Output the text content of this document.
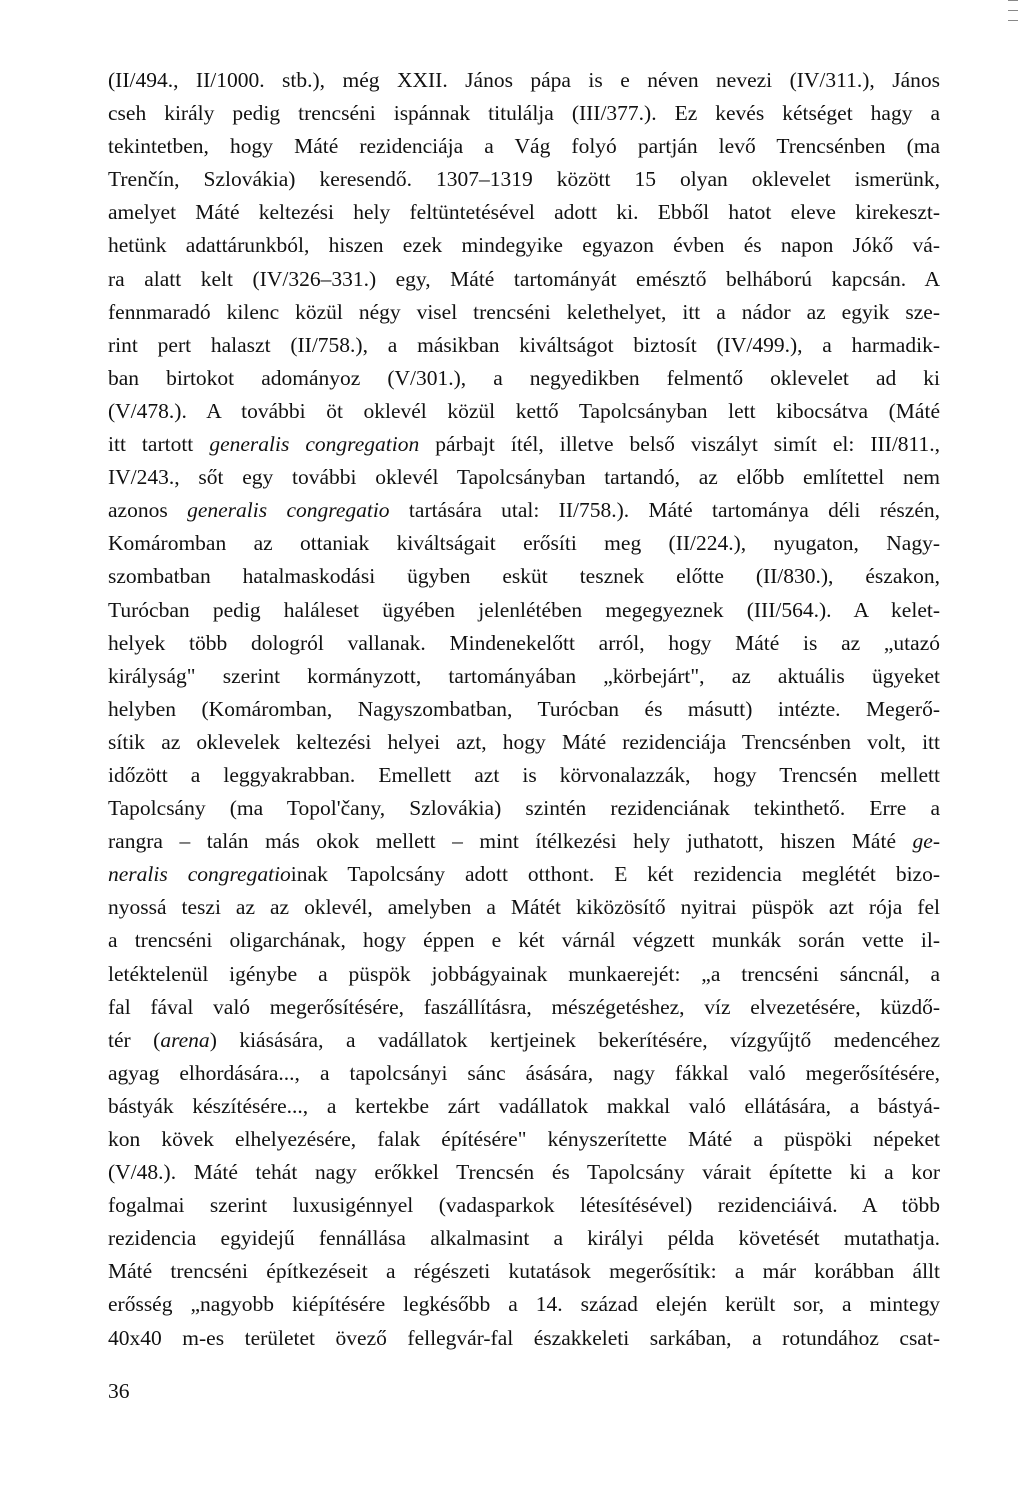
(II/494., II/1000. stb.), még XXII. János pápa is e néven nevezi (IV/311.), János
cseh király pedig trencséni ispánnak titulálja (III/377.). Ez kevés kétséget hagy a
tekintetben, hogy Máté rezidenciája a Vág folyó partján levő Trencsénben (ma
Trenčín, Szlovákia) keresendő. 1307–1319 között 15 olyan oklevelet ismerünk,
amelyet Máté keltezési hely feltüntetésével adott ki. Ebből hatot eleve kirekeszt-
hetünk adattárunkból, hiszen ezek mindegyike egyazon évben és napon Jókő vá-
ra alatt kelt (IV/326–331.) egy, Máté tartományát emésztő belháború kapcsán. A
fennmaradó kilenc közül négy visel trencséni kelethelyet, itt a nádor az egyik sze-
rint pert halaszt (II/758.), a másikban kiváltságot biztosít (IV/499.), a harmadik-
ban birtokot adományoz (V/301.), a negyedikben felmentő oklevelet ad ki
(V/478.). A további öt oklevél közül kettő Tapolcsányban lett kibocsátva (Máté
itt tartott generalis congregation párbajt ítél, illetve belső viszályt simít el: III/811.,
IV/243., sőt egy további oklevél Tapolcsányban tartandó, az előbb említettel nem
azonos generalis congregatio tartására utal: II/758.). Máté tartománya déli részén,
Komáromban az ottaniak kiváltságait erősíti meg (II/224.), nyugaton, Nagy-
szombatban hatalmaskodási ügyben esküt tesznek előtte (II/830.), északon,
Turócban pedig haláleset ügyében jelenlétében megegyeznek (III/564.). A kelet-
helyek több dologról vallanak. Mindenekelőtt arról, hogy Máté is az „utazó
királyság" szerint kormányzott, tartományában „körbejárt", az aktuális ügyeket
helyben (Komáromban, Nagyszombatban, Turócban és másutt) intézte. Megerő-
sítik az oklevelek keltezési helyei azt, hogy Máté rezidenciája Trencsénben volt, itt
időzött a leggyakrabban. Emellett azt is körvonalazzák, hogy Trencsén mellett
Tapolcsány (ma Topol'čany, Szlovákia) szintén rezidenciának tekinthető. Erre a
rangra – talán más okok mellett – mint ítélkezési hely juthatott, hiszen Máté ge-
neralis congregatioinak Tapolcsány adott otthont. E két rezidencia meglétét bizo-
nyossá teszi az az oklevél, amelyben a Mátét kiközösítő nyitrai püspök azt rója fel
a trencséni oligarchának, hogy éppen e két várnál végzett munkák során vette il-
letéktelenül igénybe a püspök jobbágyainak munkaerejét: „a trencséni sáncnál, a
fal fával való megerősítésére, faszállításra, mészégetéshez, víz elvezetésére, küzdő-
tér (arena) kiásására, a vadállatok kertjeinek bekerítésére, vízgyűjtő medencéhez
agyag elhordására..., a tapolcsányi sánc ásására, nagy fákkal való megerősítésére,
bástyák készítésére..., a kertekbe zárt vadállatok makkal való ellátására, a bástyá-
kon kövek elhelyezésére, falak építésére" kényszerítette Máté a püspöki népeket
(V/48.). Máté tehát nagy erőkkel Trencsén és Tapolcsány várait építette ki a kor
fogalmai szerint luxusigénnyel (vadasparkok létesítésével) rezidenciáivá. A több
rezidencia egyidejű fennállása alkalmasint a királyi példa követését mutathatja.
Máté trencséni építkezéseit a régészeti kutatások megerősítik: a már korábban állt
erősség „nagyobb kiépítésére legkésőbb a 14. század elején került sor, a mintegy
40x40 m-es területet övező fellegvár-fal északkeleti sarkában, a rotundához csat-
36
